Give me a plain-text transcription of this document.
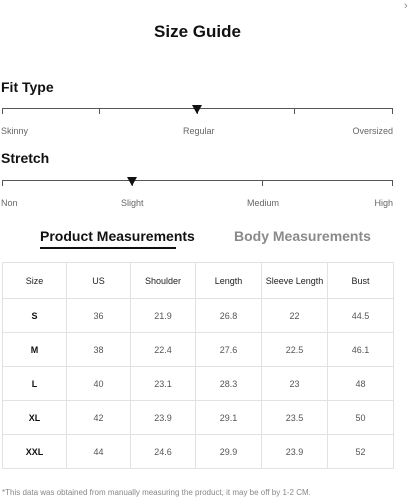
›
Size Guide
Fit Type
Skinny	Regular	Oversized
Stretch
Non	Slight	Medium	High
Product Measurements	Body Measurements
Size	US	Shoulder	Length	Sleeve Length	Bust
S	36	21.9	26.8	22	44.5
M	38	22.4	27.6	22.5	46.1
L	40	23.1	28.3	23	48
XL	42	23.9	29.1	23.5	50
XXL	44	24.6	29.9	23.9	52
*This data was obtained from manually measuring the product, it may be off by 1-2 CM.
